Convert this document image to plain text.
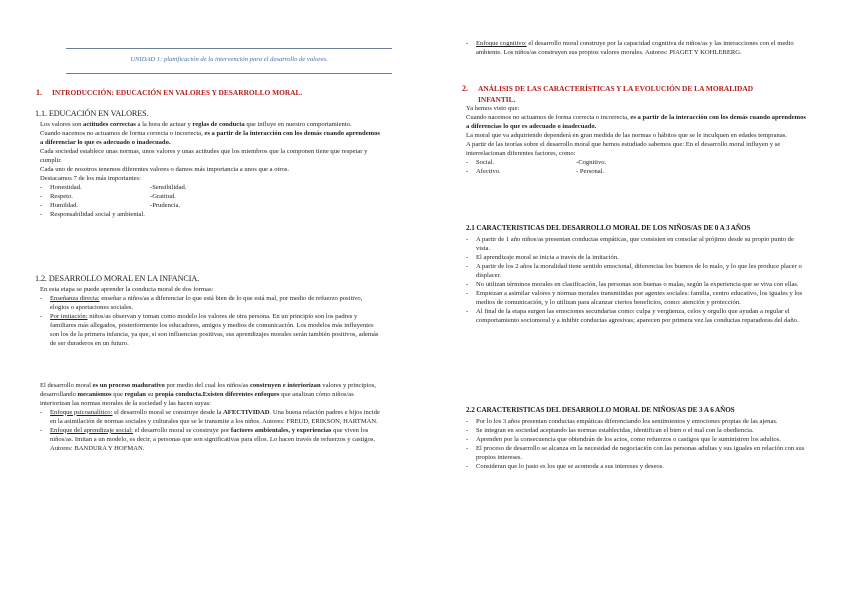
UNIDAD 1: planificación de la intervención para el desarrollo de valores.
1. INTRODUCCIÓN: EDUCACIÓN EN VALORES Y DESARROLLO MORAL.
1.1. EDUCACIÓN EN VALORES.

Los valores son actitudes correctas a la hora de actuar y reglas de conducta que influye en nuestro comportamiento.

Cuando nacemos no actuamos de forma correcta o incorrecta, es a partir de la interacción con los demás cuando aprendemos a diferenciar lo que es adecuado o inadecuado.

Cada sociedad establece unas normas, unos valores y unas actitudes que los miembros que la componen tiene que respetar y cumplir.

Cada uno de nosotros tenemos diferentes valores o damos más importancia a unos que a otros.

Destacamos 7 de los más importantes:

- Honestidad.	-Sensibilidad.
- Respeto.	-Gratitud.
- Humildad.	-Prudencia.
- Responsabilidad social y ambiental.
1.2. DESARROLLO MORAL EN LA INFANCIA.

En esta etapa se puede aprender la conducta moral de dos formas:

- Enseñanza directa: enseñar a niños/as a diferenciar lo que está bien de lo que está mal, por medio de refuerzo positivo, elogios o aportaciones sociales.
- Por imitación: niños/as observan y toman como modelo los valores de otra persona. En un principio son los padres y familiares más allegados, posteriormente los educadores, amigos y medios de comunicación. Los modelos más influyentes son los de la primera infancia, ya que, si son influencias positivas, sus aprendizajes morales serán también positivos, además de ser duraderos en un futuro.

El desarrollo moral es un proceso madurativo por medio del cual los niños/as construyen e interiorizan valores y principios, desarrollando mecanismos que regulan su propia conducta.Existen diferentes enfoques que analizan cómo niños/as interiorizan las normas morales de la sociedad y las hacen suyas:

- Enfoque psicoanalítico: el desarrollo moral se construye desde la AFECTIVIDAD. Una buena relación padres e hijos incide en la asimilación de normas sociales y culturales que se le transmite a los niños. Autores: FREUD, ERIKSON, HARTMAN.
- Enfoque del aprendizaje social: el desarrollo moral se construye por factores ambientales, y experiencias que viven los niños/as. Imitan a un modelo, es decir, a personas que son significativas para ellos. Lo hacen través de refuerzos y castigos. Autores: BANDURA Y HOFMAN.
- Enfoque cognitivo: el desarrollo moral construye por la capacidad cognitiva de niños/as y las interacciones con el medio ambiente. Los niños/as construyen sus propios valores morales. Autores: PIAGET Y KOHLEBERG.
2. ANÁLISIS DE LAS CARACTERÍSTICAS Y LA EVOLUCIÓN DE LA MORALIDAD
INFANTIL.

Ya hemos visto que:

Cuando nacemos no actuamos de forma correcta o incorrecta, es a partir de la interacción con los demás cuando aprendemos a diferencias lo que es adecuado o inadecuado.

La moral que va adquiriendo dependerá en gran medida de las normas o hábitos que se le inculquen en edades tempranas.

A partir de las teorías sobre el desarrollo moral que hemos estudiado sabemos que: En el desarrollo moral influyen y se interrelacionan diferentes factores, como:

- Social.	-Cognitivo.
- Afectivo.	- Personal.
2.1 CARACTERISTICAS DEL DESARROLLO MORAL DE LOS NIÑOS/AS DE 0 A 3 AÑOS
- A partir de 1 año niños/as presentan conductas empáticas, que consisten en consolar al prójimo desde su propio punto de vista.
- El aprendizaje moral se inicia a través de la imitación.
- A partir de los 2 años la moralidad tiene sentido emocional, diferencias los buenos de lo malo, y lo que les produce placer o displacer.
- No utilizan términos morales en clasificación, las personas son buenas o malas, según la experiencia que se viva con ellas.
- Empiezan a asimilar valores y normas morales transmitidas por agentes sociales: familia, centro educativo, los iguales y los medios de comunicación, y lo utilizan para alcanzar ciertos beneficios, como: atención y protección.
- Al final de la etapa surgen las emociones secundarias como: culpa y vergüenza, celos y orgullo que ayudan a regular el comportamiento sociomoral y a inhibir conductas agresivas; aparecen por primera vez las conductas reparadoras del daño.
2.2 CARACTERISTICAS DEL DESARROLLO MORAL DE NIÑOS/AS DE 3 A 6 AÑOS
- Por lo los 3 años presentan conductas empáticas diferenciando los sentimientos y emociones propias de las ajenas.
- Se integran en sociedad aceptando las normas establecidas, identifican el bien o el mal con la obediencia.
- Aprenden por la consecuencia que obtendrán de los actos, como refuerzos o castigos que le suministren los adultos.
- El proceso de desarrollo se alcanza en la necesidad de negociación con las personas adultas y sus iguales en relación con sus propios intereses.
- Consideran que lo justo es los que se acomoda a sus intereses y deseos.
